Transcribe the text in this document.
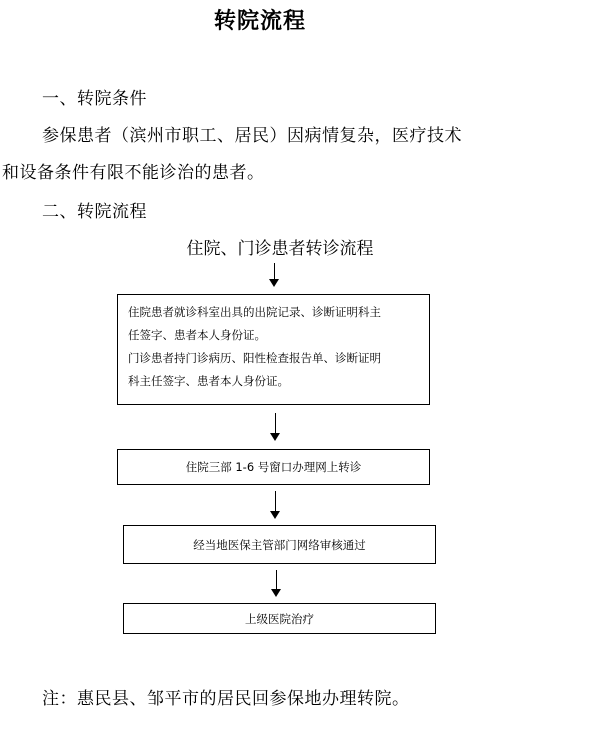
转院流程
一、转院条件
参保患者（滨州市职工、居民）因病情复杂，医疗技术
和设备条件有限不能诊治的患者。
二、转院流程
住院、门诊患者转诊流程

住院患者就诊科室出具的出院记录、诊断证明科主

任签字、患者本人身份证。

门诊患者持门诊病历、阳性检查报告单、诊断证明

科主任签字、患者本人身份证。

住院三部 1-6 号窗口办理网上转诊
经当地医保主管部门网络审核通过
上级医院治疗
注：惠民县、邹平市的居民回参保地办理转院。
